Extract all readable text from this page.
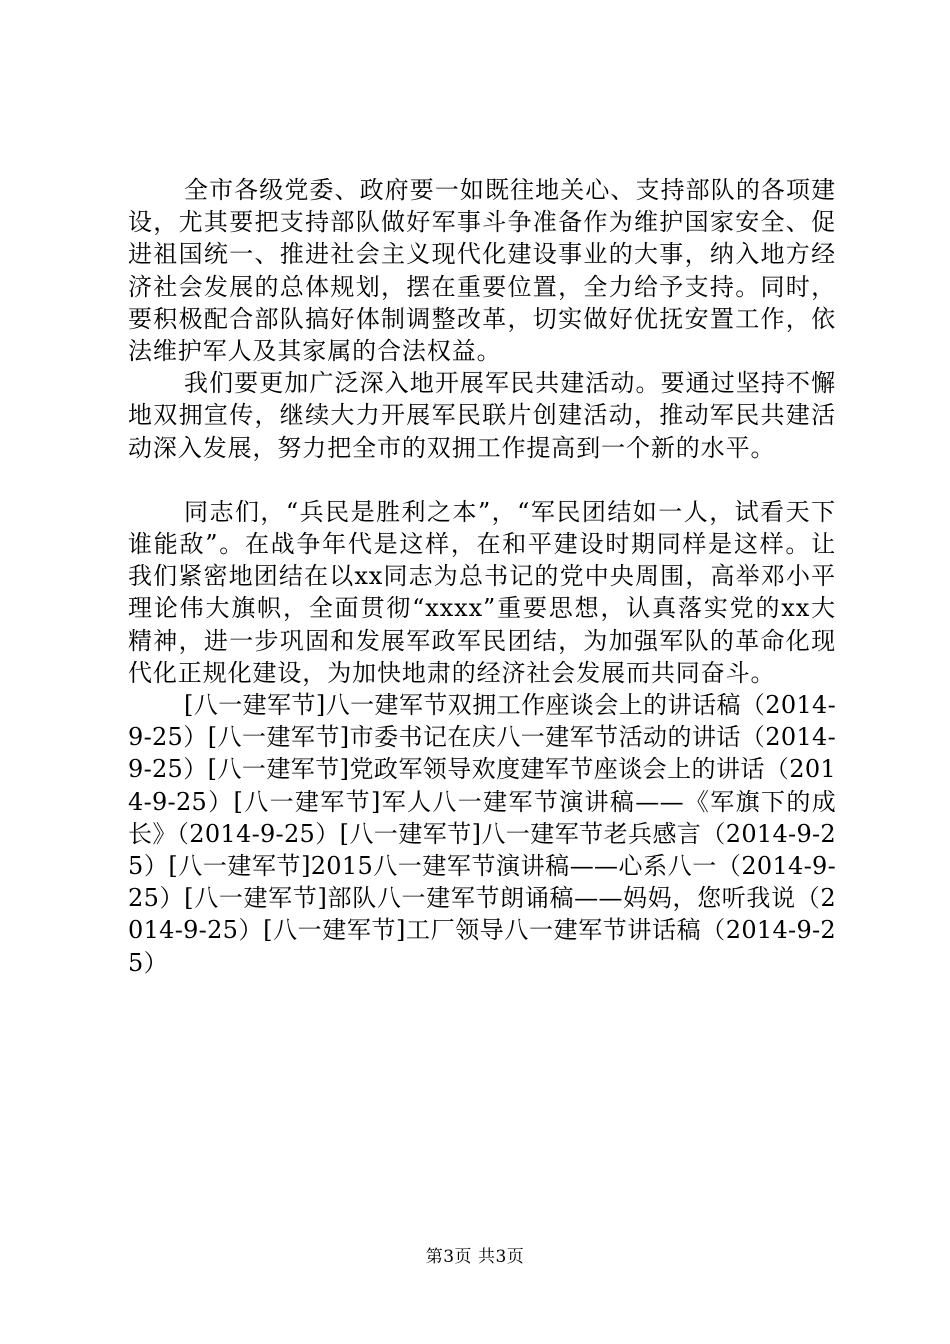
全市各级党委、政府要一如既往地关心、支持部队的各项建设，尤其要把支持部队做好军事斗争准备作为维护国家安全、促进祖国统一、推进社会主义现代化建设事业的大事，纳入地方经济社会发展的总体规划，摆在重要位置，全力给予支持。同时，要积极配合部队搞好体制调整改革，切实做好优抚安置工作，依法维护军人及其家属的合法权益。

我们要更加广泛深入地开展军民共建活动。要通过坚持不懈地双拥宣传，继续大力开展军民联片创建活动，推动军民共建活动深入发展，努力把全市的双拥工作提高到一个新的水平。

同志们，“兵民是胜利之本”，“军民团结如一人，试看天下谁能敌”。在战争年代是这样，在和平建设时期同样是这样。让我们紧密地团结在以xx同志为总书记的党中央周围，高举邓小平理论伟大旗帜，全面贯彻“xxxx”重要思想，认真落实党的xx大精神，进一步巩固和发展军政军民团结，为加强军队的革命化现代化正规化建设，为加快地肃的经济社会发展而共同奋斗。

[八一建军节]八一建军节双拥工作座谈会上的讲话稿（2014-9-25）[八一建军节]市委书记在庆八一建军节活动的讲话（2014-9-25）[八一建军节]党政军领导欢度建军节座谈会上的讲话（2014-9-25）[八一建军节]军人八一建军节演讲稿——《军旗下的成长》（2014-9-25）[八一建军节]八一建军节老兵感言（2014-9-25）[八一建军节]2015八一建军节演讲稿——心系八一（2014-9-25）[八一建军节]部队八一建军节朗诵稿——妈妈，您听我说（2014-9-25）[八一建军节]工厂领导八一建军节讲话稿（2014-9-25）

第3页 共3页
